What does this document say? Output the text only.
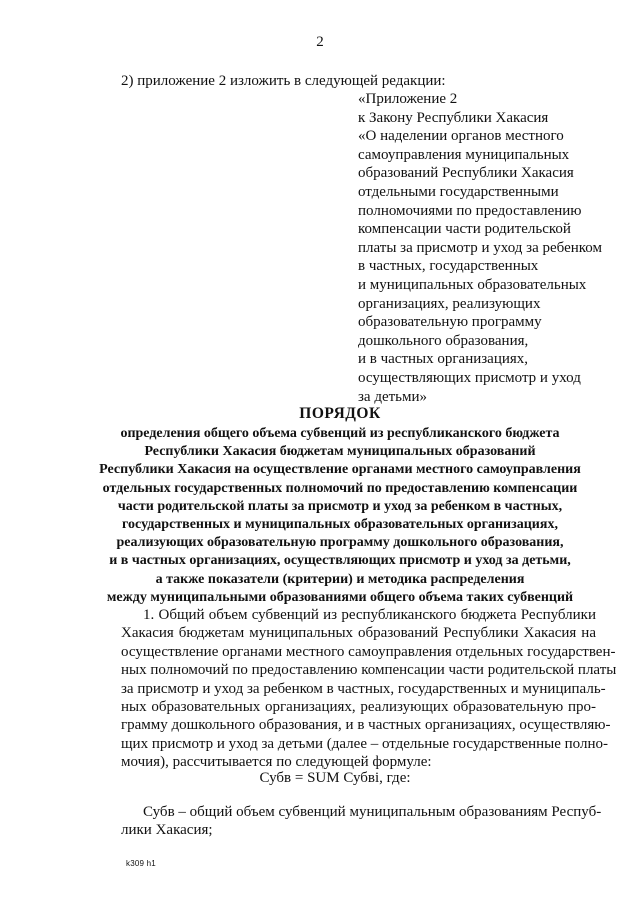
2
2) приложение 2 изложить в следующей редакции:
«Приложение 2
к Закону Республики Хакасия
«О наделении органов местного
самоуправления муниципальных
образований Республики Хакасия
отдельными государственными
полномочиями по предоставлению
компенсации части родительской
платы за присмотр и уход за ребенком
в частных, государственных
и муниципальных образовательных
организациях, реализующих
образовательную программу
дошкольного образования,
и в частных организациях,
осуществляющих присмотр и уход
за детьми»
ПОРЯДОК
определения общего объема субвенций из республиканского бюджета
Республики Хакасия бюджетам муниципальных образований
Республики Хакасия на осуществление органами местного самоуправления
отдельных государственных полномочий по предоставлению компенсации
части родительской платы за присмотр и уход за ребенком в частных,
государственных и муниципальных образовательных организациях,
реализующих образовательную программу дошкольного образования,
и в частных организациях, осуществляющих присмотр и уход за детьми,
а также показатели (критерии) и методика распределения
между муниципальными образованиями общего объема таких субвенций
1. Общий объем субвенций из республиканского бюджета Республики
Хакасия бюджетам муниципальных образований Республики Хакасия на
осуществление органами местного самоуправления отдельных государствен-
ных полномочий по предоставлению компенсации части родительской платы
за присмотр и уход за ребенком в частных, государственных и муниципаль-
ных образовательных организациях, реализующих образовательную про-
грамму дошкольного образования, и в частных организациях, осуществляю-
щих присмотр и уход за детьми (далее – отдельные государственные полно-
мочия), рассчитывается по следующей формуле:
Субв = SUM Субвi, где:
Субв – общий объем субвенций муниципальным образованиям Респуб-
лики Хакасия;
k309 h1
